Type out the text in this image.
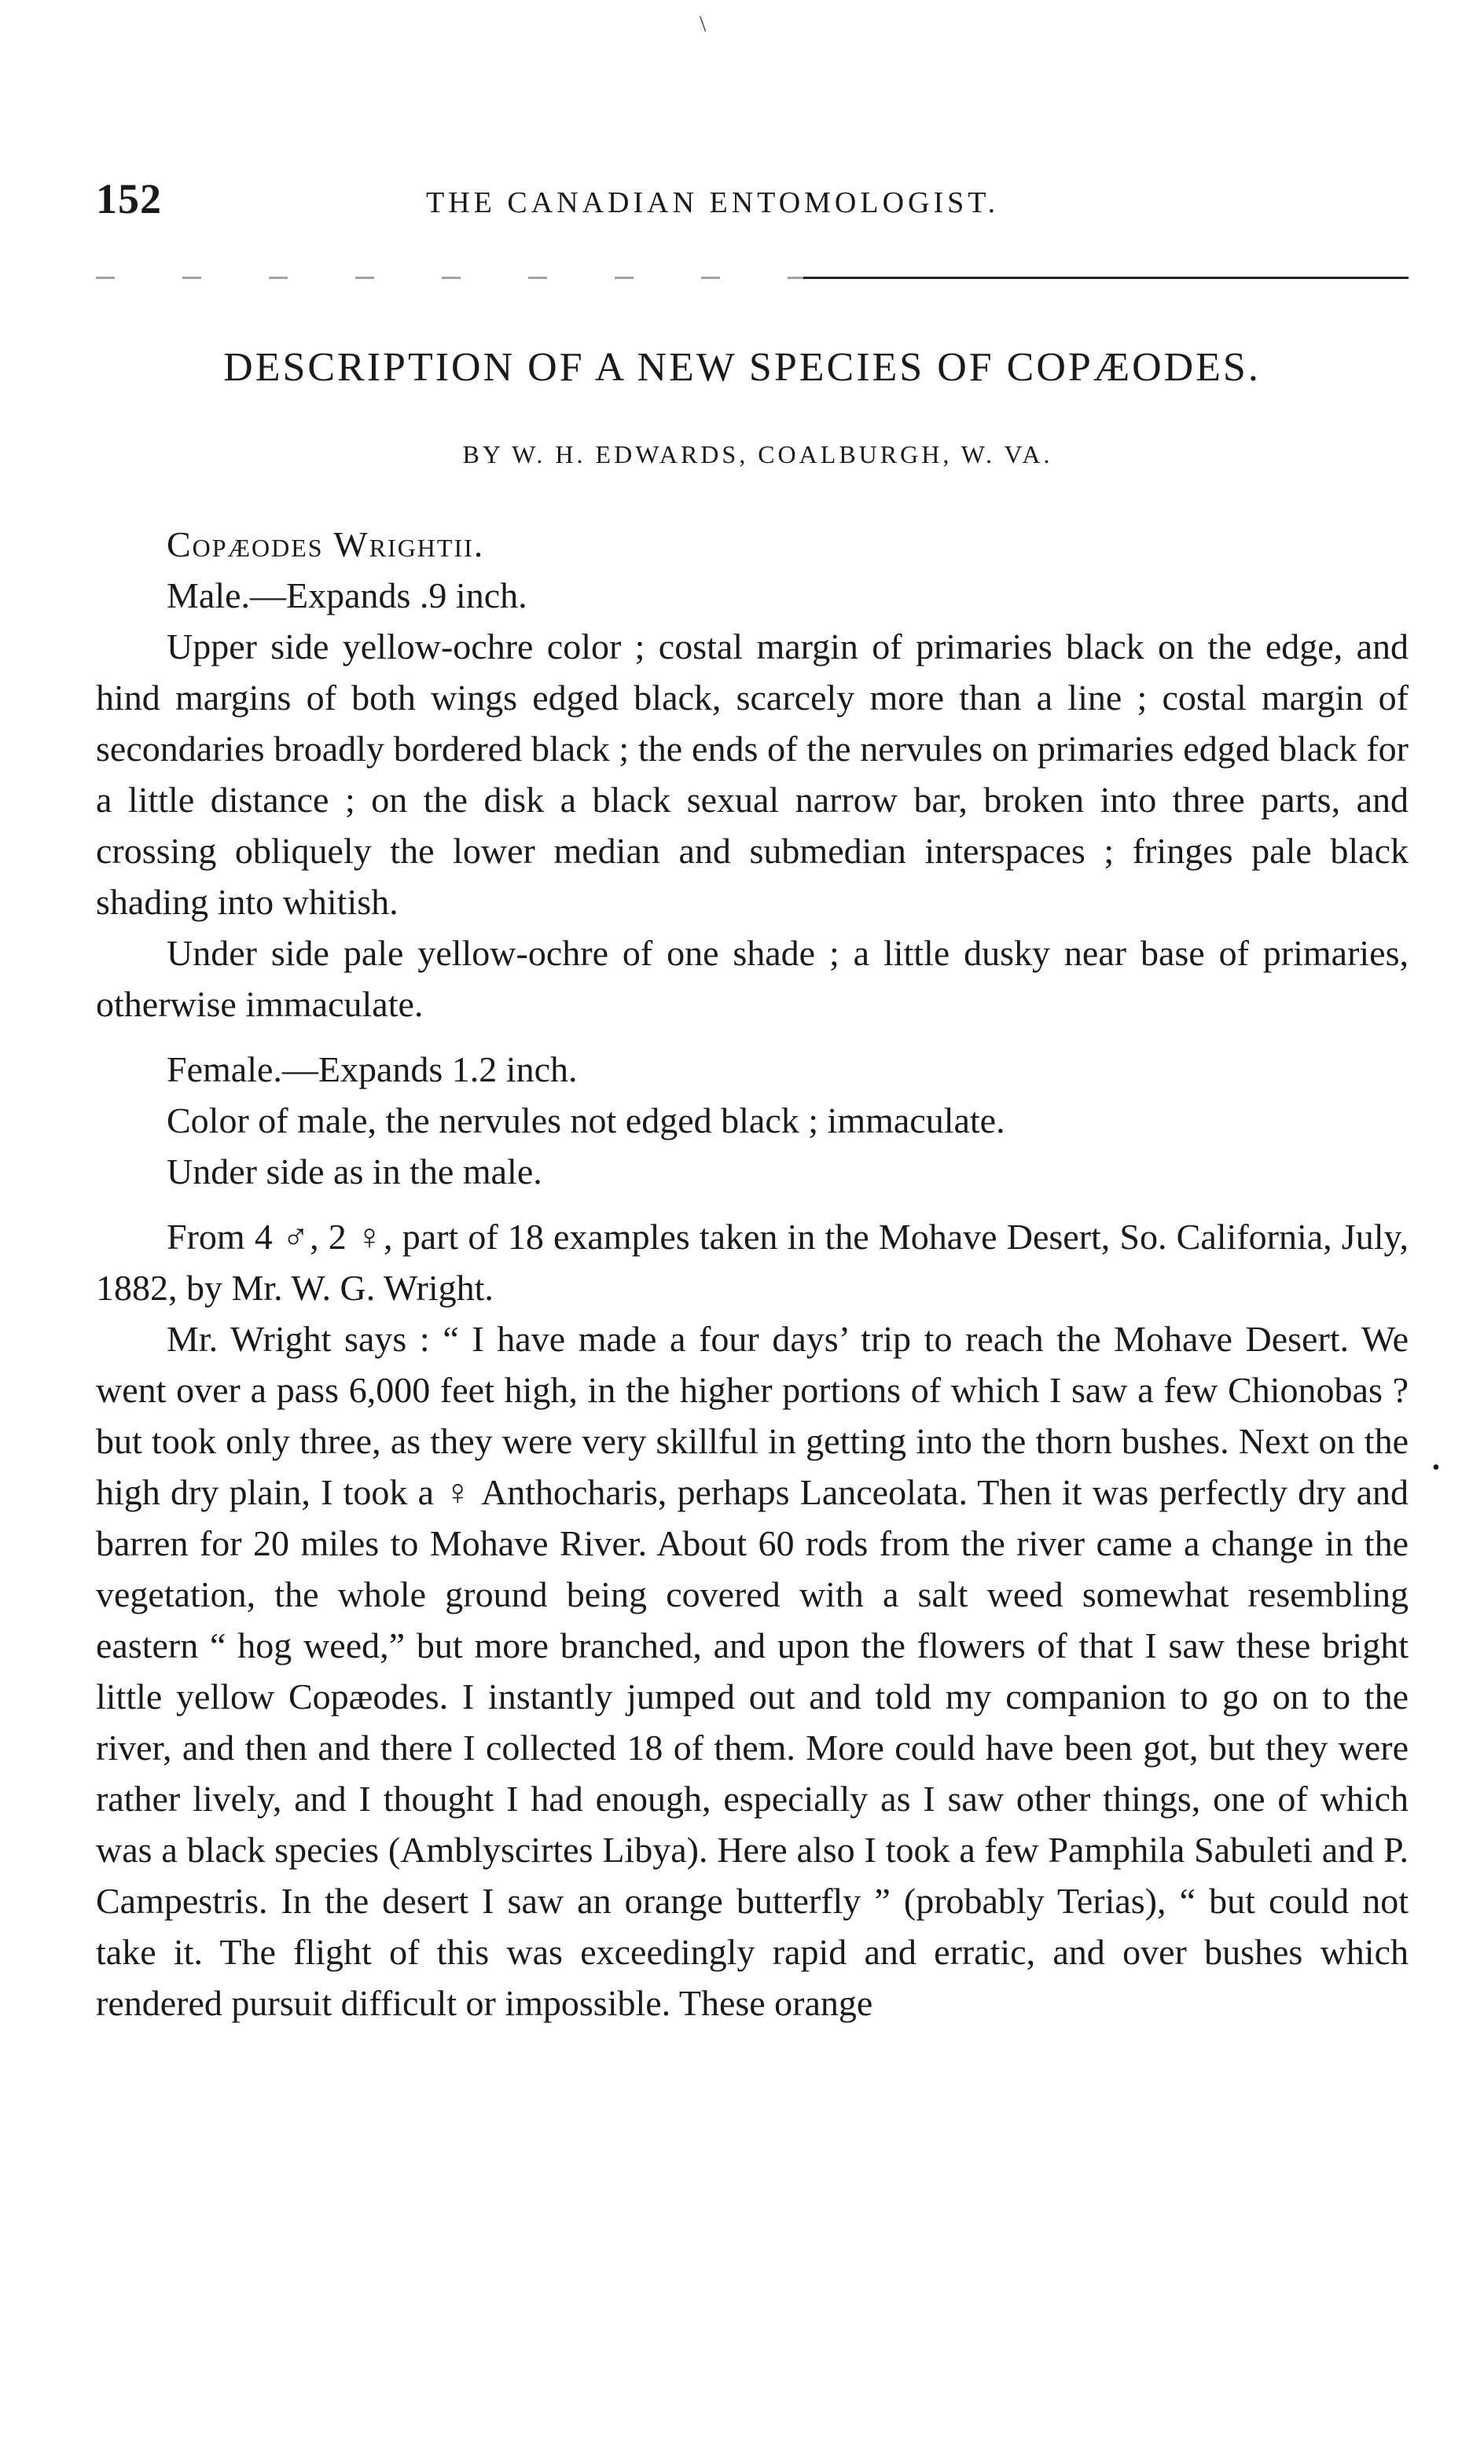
\
152	THE CANADIAN ENTOMOLOGIST.
DESCRIPTION OF A NEW SPECIES OF COPÆODES.
BY W. H. EDWARDS, COALBURGH, W. VA.

Copæodes Wrightii.

Male.—Expands .9 inch.

Upper side yellow-ochre color ; costal margin of primaries black on the edge, and hind margins of both wings edged black, scarcely more than a line ; costal margin of secondaries broadly bordered black ; the ends of the nervules on primaries edged black for a little distance ; on the disk a black sexual narrow bar, broken into three parts, and crossing obliquely the lower median and submedian interspaces ; fringes pale black shading into whitish.

Under side pale yellow-ochre of one shade ; a little dusky near base of primaries, otherwise immaculate.

Female.—Expands 1.2 inch.

Color of male, the nervules not edged black ; immaculate.

Under side as in the male.

From 4 ♂, 2 ♀, part of 18 examples taken in the Mohave Desert, So. California, July, 1882, by Mr. W. G. Wright.

Mr. Wright says : “ I have made a four days’ trip to reach the Mohave Desert. We went over a pass 6,000 feet high, in the higher portions of which I saw a few Chionobas ? but took only three, as they were very skillful in getting into the thorn bushes. Next on the high dry plain, I took a ♀ Anthocharis, perhaps Lanceolata. Then it was perfectly dry and barren for 20 miles to Mohave River. About 60 rods from the river came a change in the vegetation, the whole ground being covered with a salt weed somewhat resembling eastern “ hog weed,” but more branched, and upon the flowers of that I saw these bright little yellow Copæodes. I instantly jumped out and told my companion to go on to the river, and then and there I collected 18 of them. More could have been got, but they were rather lively, and I thought I had enough, especially as I saw other things, one of which was a black species (Amblyscirtes Libya). Here also I took a few Pamphila Sabuleti and P. Campestris. In the desert I saw an orange butterfly ” (probably Terias), “ but could not take it. The flight of this was exceedingly rapid and erratic, and over bushes which rendered pursuit difficult or impossible. These orange

•
